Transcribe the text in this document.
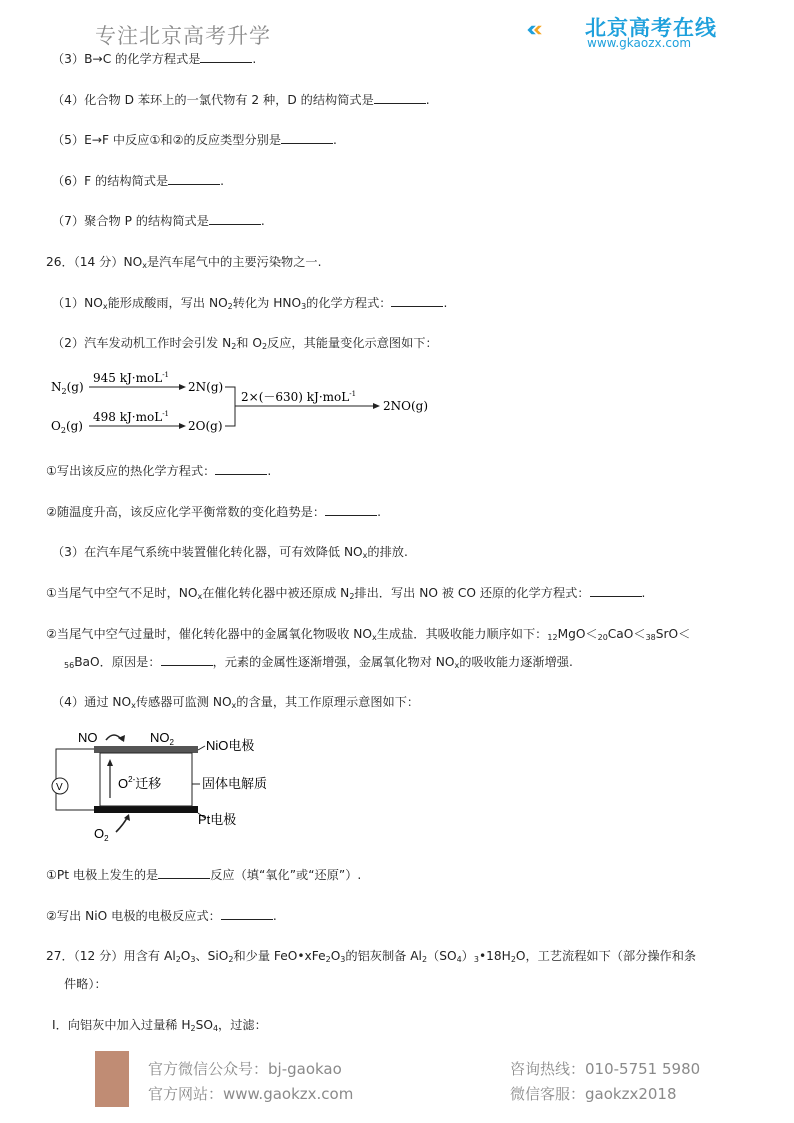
专注北京高考升学	北京高考在线
www.gkaozx.com
（3）B→C 的化学方程式是	.
（4）化合物 D 苯环上的一氯代物有 2 种，D 的结构简式是	.
（5）E→F 中反应①和②的反应类型分别是	.
（6）F 的结构简式是	.
（7）聚合物 P 的结构简式是	.
26．（14 分）$NO_x$是汽车尾气中的主要污染物之一.
$(1)NO_x$能形成酸雨，写出 $NO_2$转化为 $HNO_3$的化学方程式：	.
（2）汽车发动机工作时会引发 $N_2$和 $O_2$反应，其能量变化示意图如下：
$N_2(g)$
945 kJ·moL$^{-1}$
2N(g)
$O_2(g)$
498 kJ·moL$^{-1}$
2O(g)
2×(－630) kJ·moL$^{-1}$
2NO(g)
①写出该反应的热化学方程式：	.
②随温度升高，该反应化学平衡常数的变化趋势是：	.
（3）在汽车尾气系统中装置催化转化器，可有效降低 $NO_x$的排放.
①当尾气中空气不足时，$NO_x$在催化转化器中被还原成 $N_2$排出．写出 NO 被 CO 还原的化学方程式：	.
②当尾气中空气过量时，催化转化器中的金属氧化物吸收 $NO_x$生成盐．其吸收能力顺序如下：$_{12}MgO<_{20}CaO<_{38}SrO<$
$_{56}$BaO．原因是：	，元素的金属性逐渐增强，金属氧化物对 $NO_x$的吸收能力逐渐增强.
（4）通过 $NO_x$传感器可监测 $NO_x$的含量，其工作原理示意图如下：
NO	$NO_2$ NiO电极
$O^{2-}$迁移	固体电解质
Pt电极
V
$O_2$
①Pt 电极上发生的是	反应（填“氧化”或“还原”）.
②写出 NiO 电极的电极反应式：	.
27．（12 分）用含有 $Al_2O_3$、SiO$_2$和少量 $FeO•xFe_2O_3$的铝灰制备 $Al_2(SO_4)_3•18H_2O$，工艺流程如下（部分操作和条
件略）：
Ⅰ．向铝灰中加入过量稀 $H_2SO_4$，过滤：
官方微信公众号：bj-gaokao
官方网站：www.gaokzx.com
咨询热线：010-5751 5980
微信客服：gaokzx2018
